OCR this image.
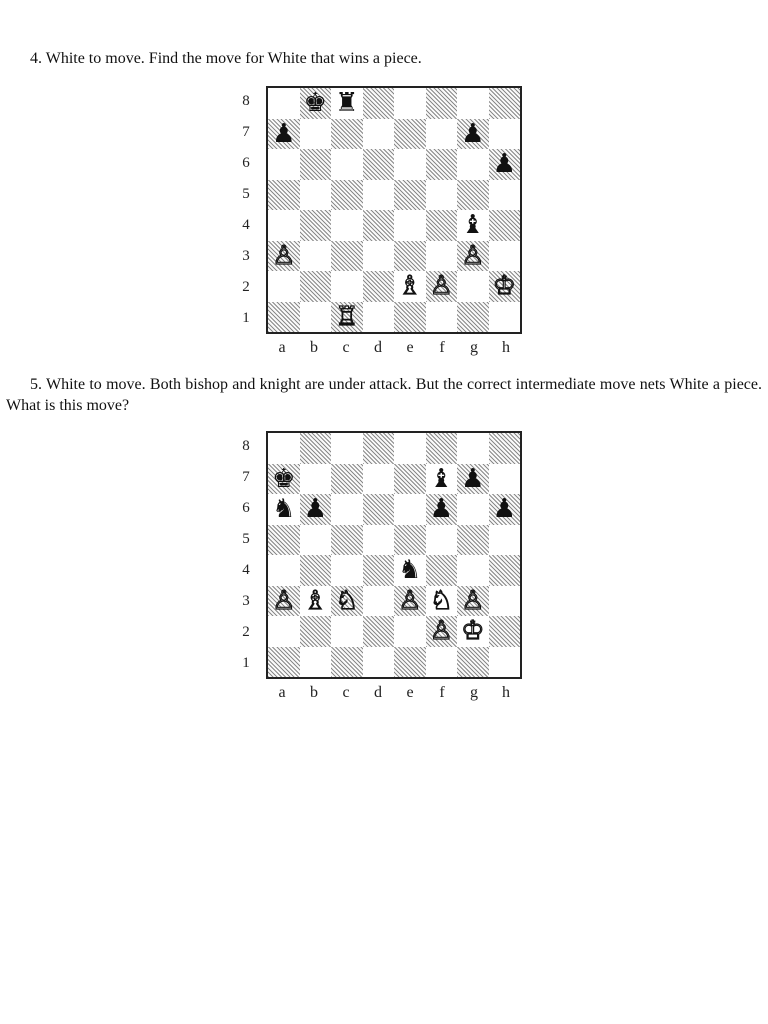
4. White to move. Find the move for White that wins a piece.

8
7
6
5
4
3
2
1
♚ ♜
♟	♟
♟
♝
♙	♙
♗ ♙ ♔
♖
a	b	c	d	e	f	g	h

5. White to move. Both bishop and knight are under attack. But the correct intermediate move nets White a piece. What is this move?

8
7
6
5
4
3
2
1
♚	♝ ♟
♞ ♟	♟ ♟
♞
♙ ♗ ♘ ♙ ♘ ♙
♙ ♔
a	b	c	d	e	f	g	h
